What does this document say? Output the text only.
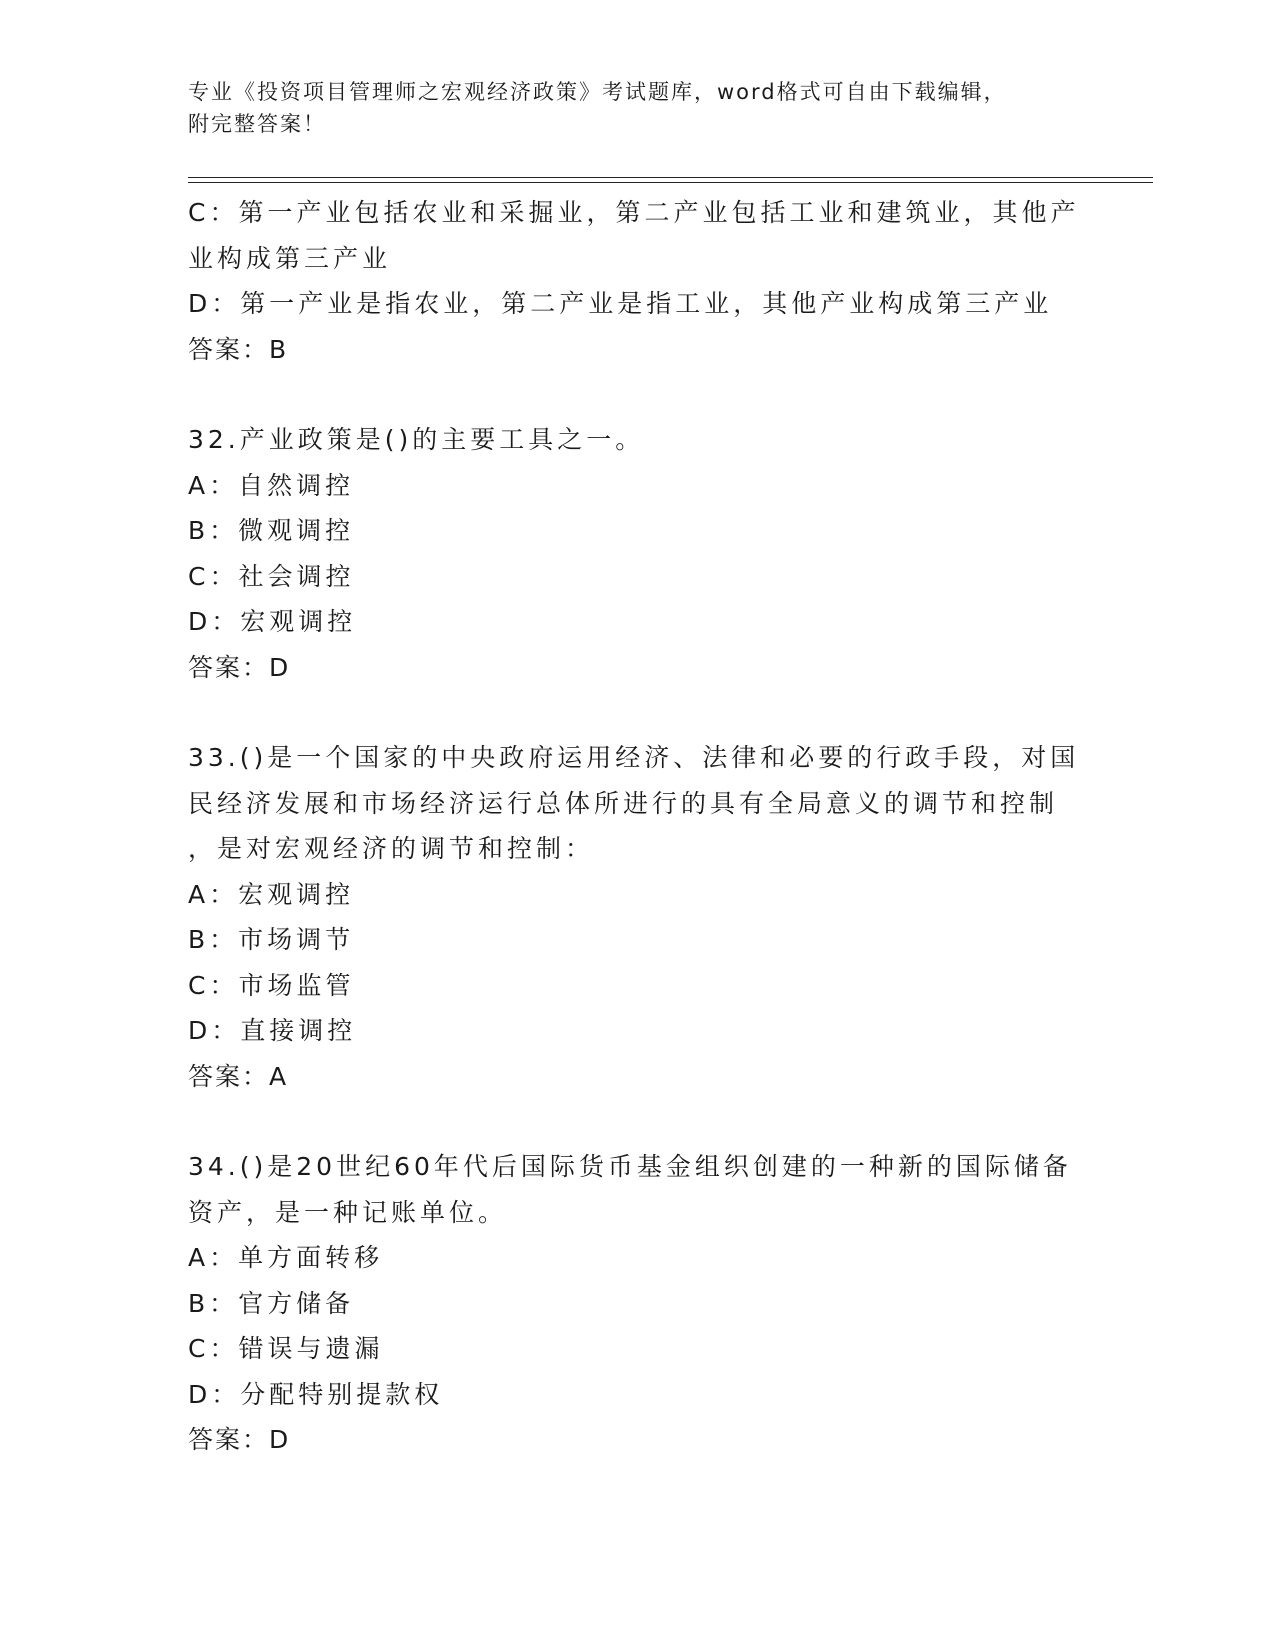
专业《投资项目管理师之宏观经济政策》考试题库，word格式可自由下载编辑，
附完整答案！
C：第一产业包括农业和采掘业，第二产业包括工业和建筑业，其他产
业构成第三产业
D：第一产业是指农业，第二产业是指工业，其他产业构成第三产业
答案：B
32.产业政策是()的主要工具之一。
A：自然调控
B：微观调控
C：社会调控
D：宏观调控
答案：D
33.()是一个国家的中央政府运用经济、法律和必要的行政手段，对国
民经济发展和市场经济运行总体所进行的具有全局意义的调节和控制
，是对宏观经济的调节和控制：
A：宏观调控
B：市场调节
C：市场监管
D：直接调控
答案：A
34.()是20世纪60年代后国际货币基金组织创建的一种新的国际储备
资产，是一种记账单位。
A：单方面转移
B：官方储备
C：错误与遗漏
D：分配特别提款权
答案：D
